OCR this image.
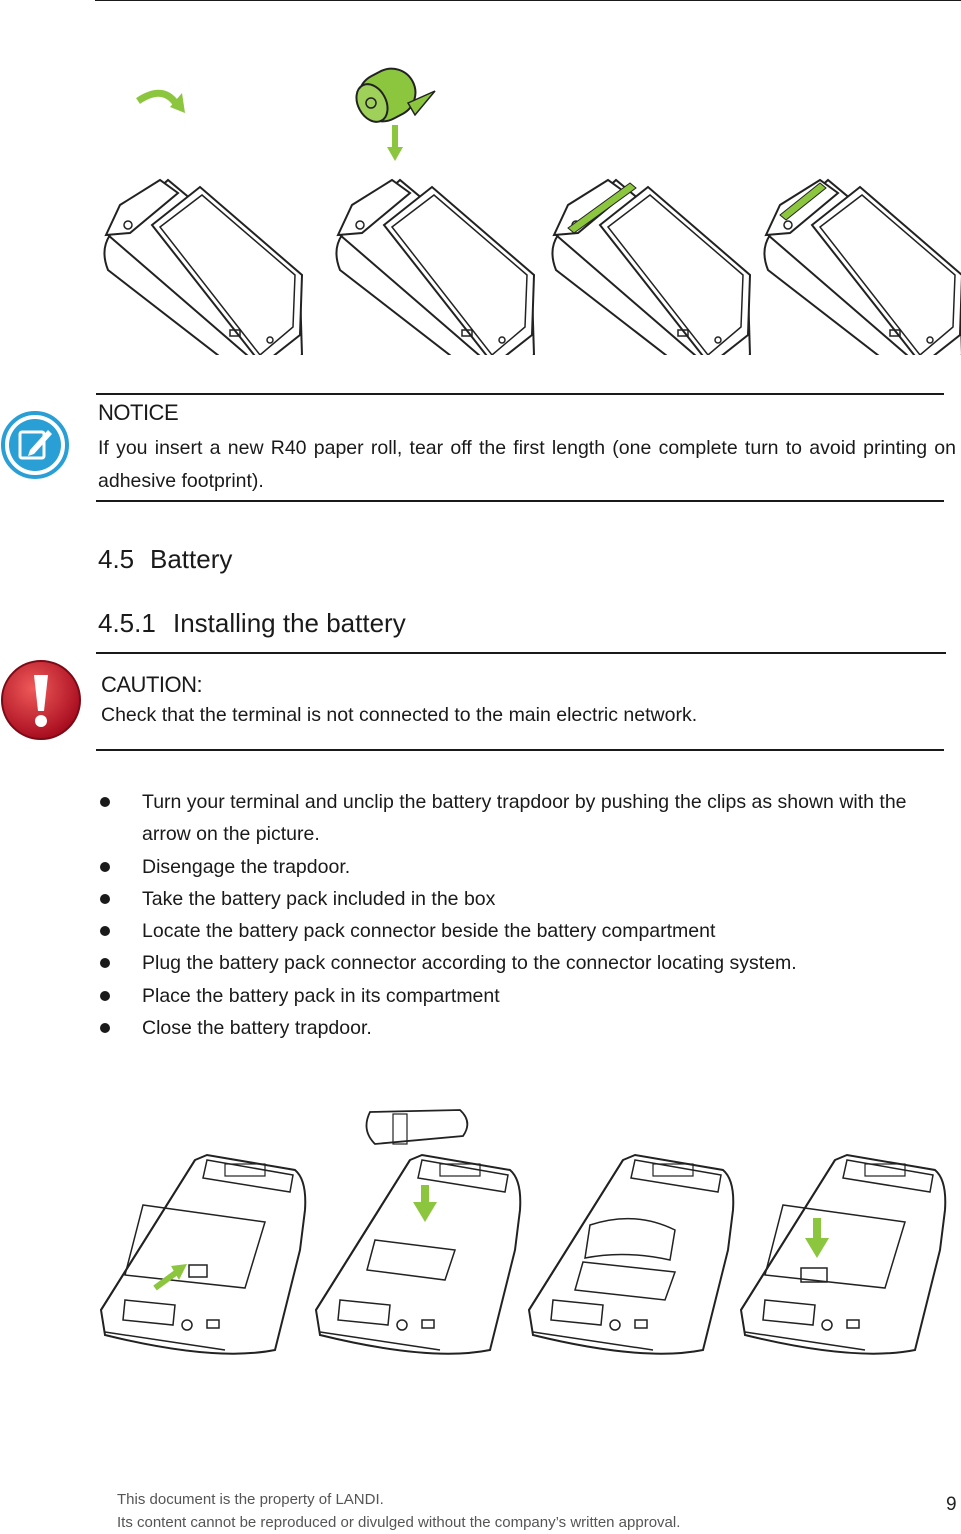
NOTICE
If you insert a new R40 paper roll, tear off the first length (one complete turn to avoid printing on adhesive footprint).
4.5 Battery
4.5.1 Installing the battery
CAUTION:
Check that the terminal is not connected to the main electric network.
Turn your terminal and unclip the battery trapdoor by pushing the clips as shown with the arrow on the picture.
Disengage the trapdoor.
Take the battery pack included in the box
Locate the battery pack connector beside the battery compartment
Plug the battery pack connector according to the connector locating system.
Place the battery pack in its compartment
Close the battery trapdoor.
This document is the property of LANDI.
Its content cannot be reproduced or divulged without the company’s written approval.
9
